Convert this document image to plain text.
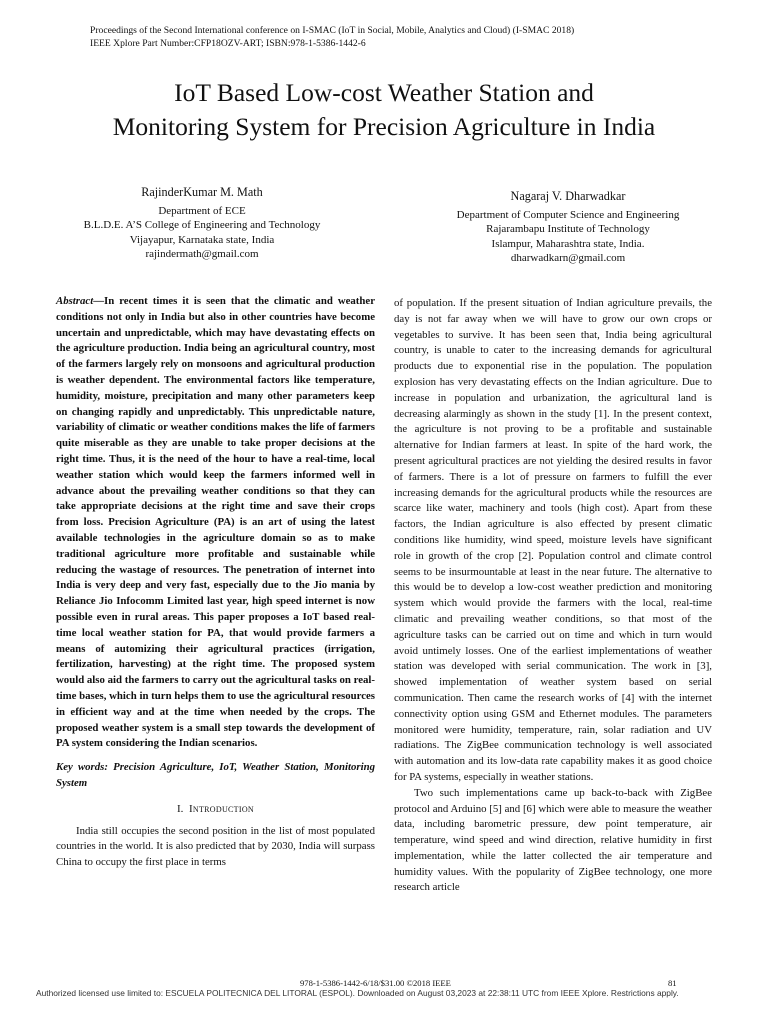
Proceedings of the Second International conference on I-SMAC (IoT in Social, Mobile, Analytics and Cloud) (I-SMAC 2018)
IEEE Xplore Part Number:CFP18OZV-ART; ISBN:978-1-5386-1442-6
IoT Based Low-cost Weather Station and
Monitoring System for Precision Agriculture in India
RajinderKumar M. Math
Department of ECE
B.L.D.E. A’S College of Engineering and Technology
Vijayapur, Karnataka state, India
rajindermath@gmail.com
Nagaraj V. Dharwadkar
Department of Computer Science and Engineering
Rajarambapu Institute of Technology
Islampur, Maharashtra state, India.
dharwadkarn@gmail.com

Abstract—In recent times it is seen that the climatic and weather conditions not only in India but also in other countries have become uncertain and unpredictable, which may have devastating effects on the agriculture production. India being an agricultural country, most of the farmers largely rely on monsoons and agricultural production is weather dependent. The environmental factors like temperature, humidity, moisture, precipitation and many other parameters keep on changing rapidly and unpredictably. This unpredictable nature, variability of climatic or weather conditions makes the life of farmers quite miserable as they are unable to take proper decisions at the right time. Thus, it is the need of the hour to have a real-time, local weather station which would keep the farmers informed well in advance about the prevailing weather conditions so that they can take appropriate decisions at the right time and save their crops from loss. Precision Agriculture (PA) is an art of using the latest available technologies in the agriculture domain so as to make traditional agriculture more profitable and sustainable while reducing the wastage of resources. The penetration of internet into India is very deep and very fast, especially due to the Jio mania by Reliance Jio Infocomm Limited last year, high speed internet is now possible even in rural areas. This paper proposes a IoT based real-time local weather station for PA, that would provide farmers a means of automizing their agricultural practices (irrigation, fertilization, harvesting) at the right time. The proposed system would also aid the farmers to carry out the agricultural tasks on real-time bases, which in turn helps them to use the agricultural resources in efficient way and at the time when needed by the crops. The proposed weather system is a small step towards the development of PA system considering the Indian scenarios.

Key words: Precision Agriculture, IoT, Weather Station, Monitoring System

I. Introduction

India still occupies the second position in the list of most populated countries in the world. It is also predicted that by 2030, India will surpass China to occupy the first place in terms

of population. If the present situation of Indian agriculture prevails, the day is not far away when we will have to grow our own crops or vegetables to survive. It has been seen that, India being agricultural country, is unable to cater to the increasing demands for agricultural products due to exponential rise in the population. The population explosion has very devastating effects on the Indian agriculture. Due to increase in population and urbanization, the agricultural land is decreasing alarmingly as shown in the study [1]. In the present context, the agriculture is not proving to be a profitable and sustainable alternative for Indian farmers at least. In spite of the hard work, the present agricultural practices are not yielding the desired results in favor of farmers. There is a lot of pressure on farmers to fulfill the ever increasing demands for the agricultural products while the resources are scarce like water, machinery and tools (high cost). Apart from these factors, the Indian agriculture is also effected by present climatic conditions like humidity, wind speed, moisture levels have significant role in growth of the crop [2]. Population control and climate control seems to be insurmountable at least in the near future. The alternative to this would be to develop a low-cost weather prediction and monitoring system which would provide the farmers with the local, real-time climatic and prevailing weather conditions, so that most of the agriculture tasks can be carried out on time and which in turn would avoid untimely losses. One of the earliest implementations of weather station was developed with serial communication. The work in [3], showed implementation of weather system based on serial communication. Then came the research works of [4] with the internet connectivity option using GSM and Ethernet modules. The parameters monitored were humidity, temperature, rain, solar radiation and UV radiations. The ZigBee communication technology is well associated with automation and its low-data rate capability makes it as good choice for PA systems, especially in weather stations.

Two such implementations came up back-to-back with ZigBee protocol and Arduino [5] and [6] which were able to measure the weather data, including barometric pressure, dew point temperature, air temperature, wind speed and wind direction, relative humidity in first implementation, while the latter collected the air temperature and humidity values. With the popularity of ZigBee technology, one more research article

978-1-5386-1442-6/18/$31.00 ©2018 IEEE	81
Authorized licensed use limited to: ESCUELA POLITECNICA DEL LITORAL (ESPOL). Downloaded on August 03,2023 at 22:38:11 UTC from IEEE Xplore. Restrictions apply.
